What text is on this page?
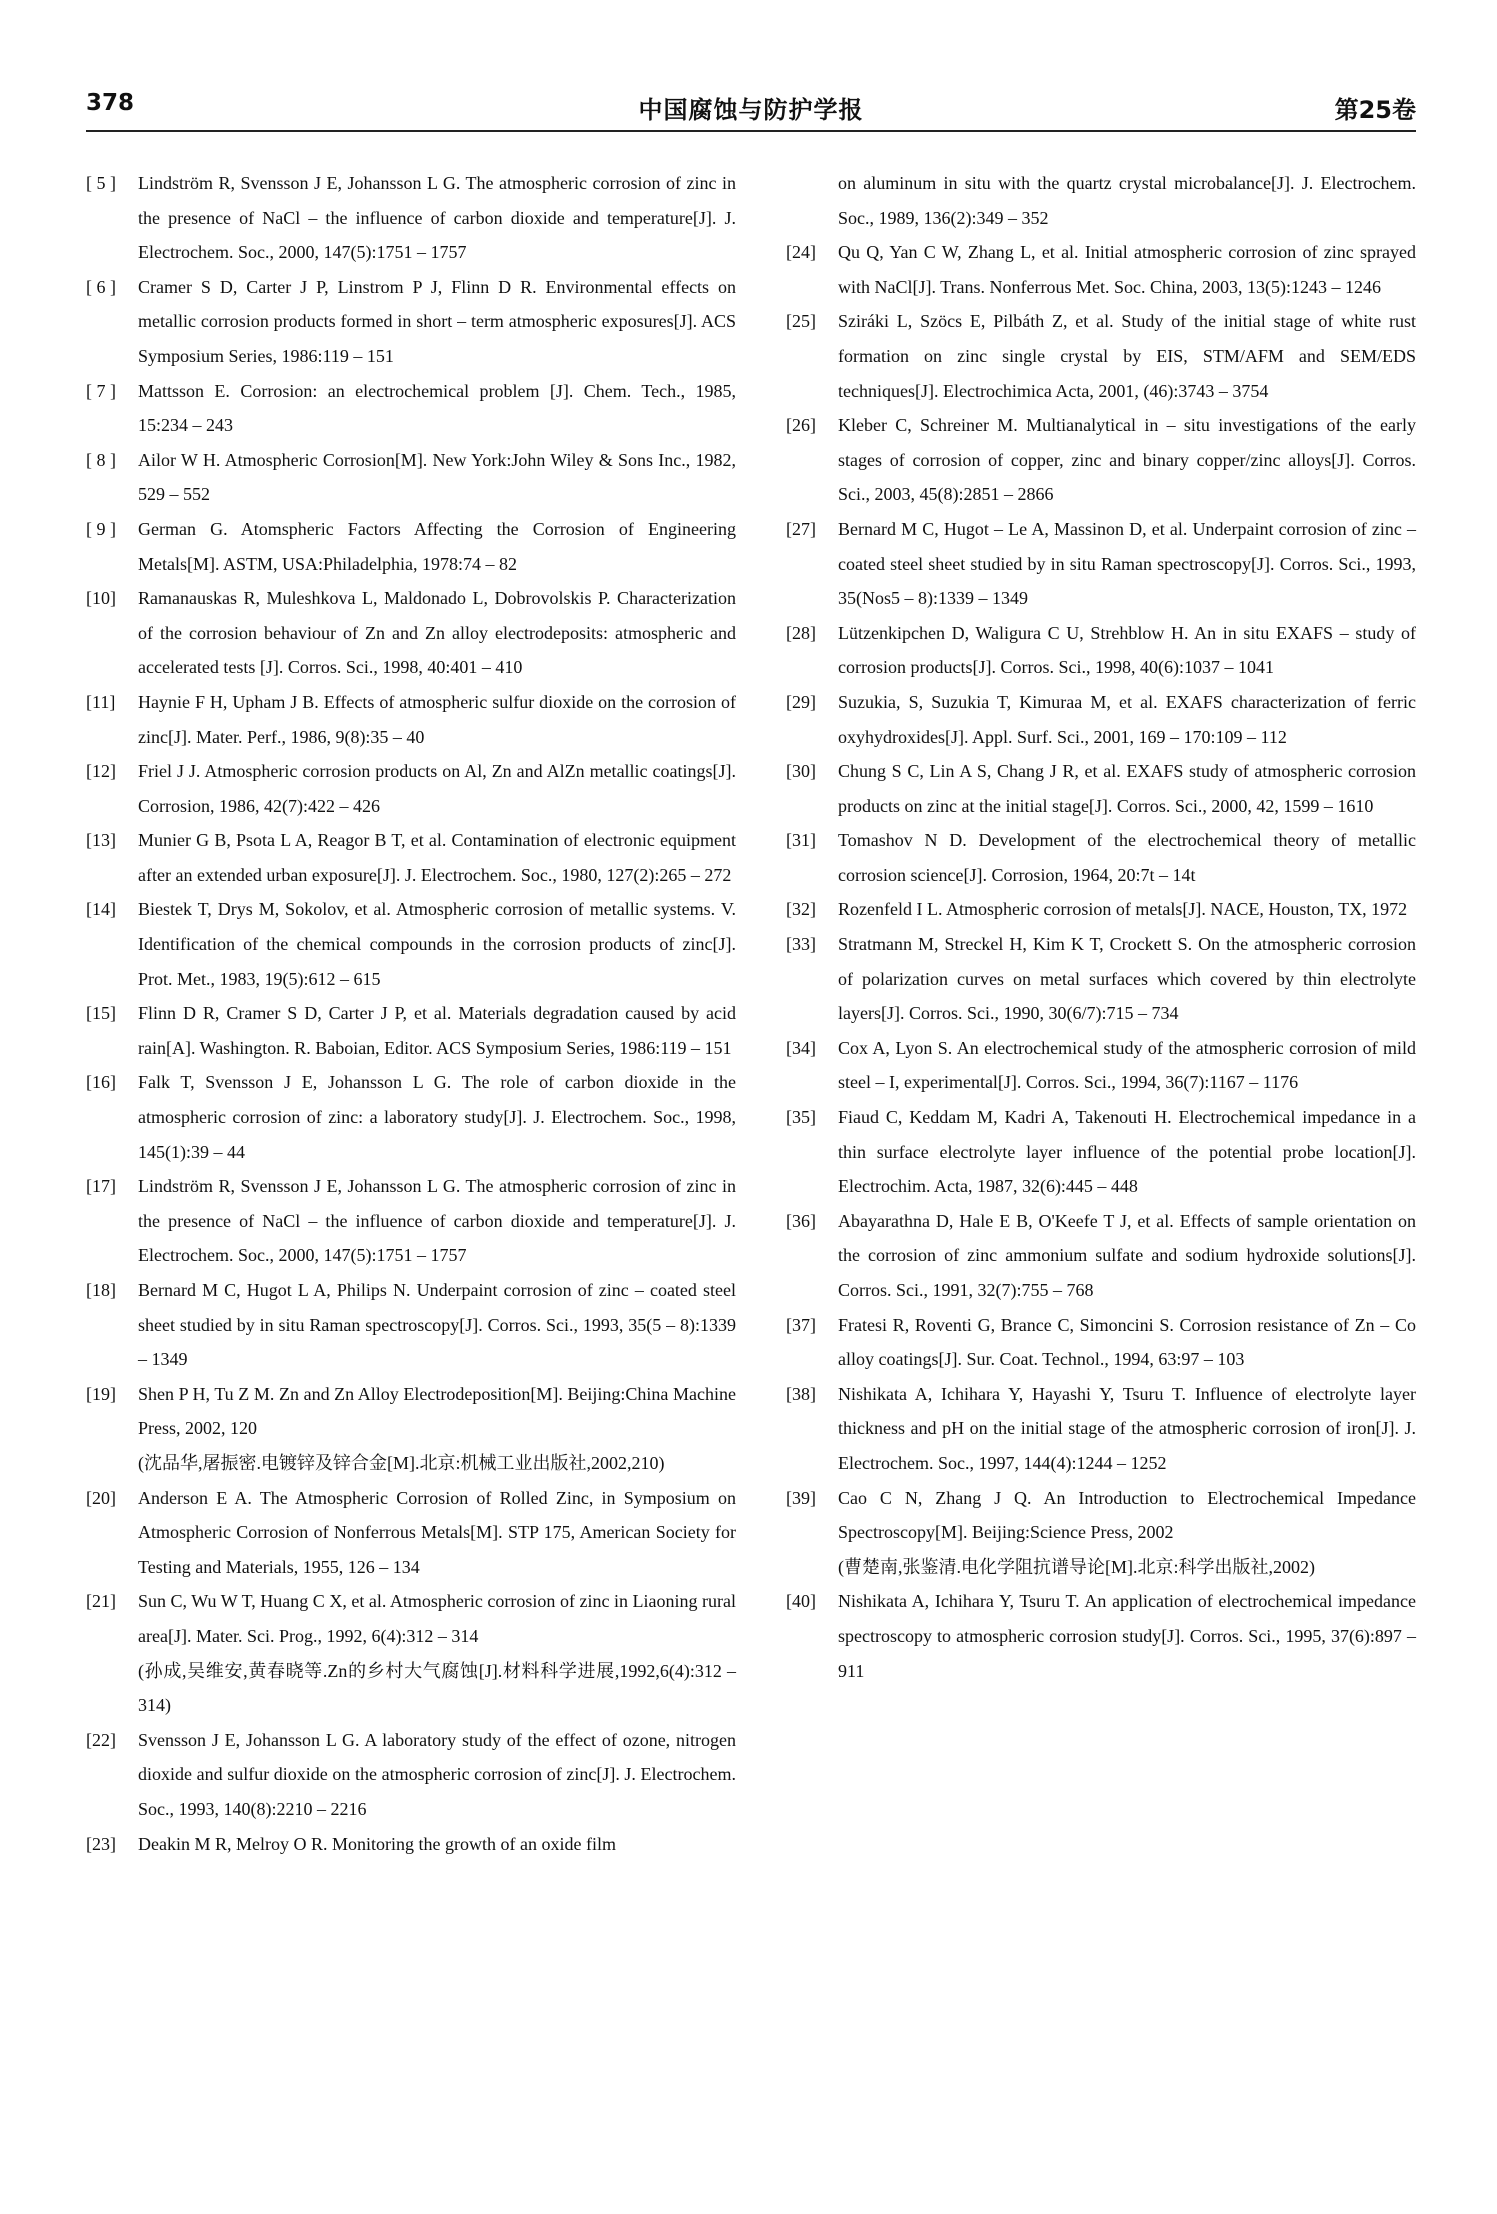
378	中国腐蚀与防护学报	第25卷
[ 5 ] Lindström R, Svensson J E, Johansson L G. The atmospheric corrosion of zinc in the presence of NaCl – the influence of carbon dioxide and temperature[J]. J. Electrochem. Soc., 2000, 147(5):1751 – 1757
[ 6 ] Cramer S D, Carter J P, Linstrom P J, Flinn D R. Environmental effects on metallic corrosion products formed in short – term atmospheric exposures[J]. ACS Symposium Series, 1986:119 – 151
[ 7 ] Mattsson E. Corrosion: an electrochemical problem [J]. Chem. Tech., 1985, 15:234 – 243
[ 8 ] Ailor W H. Atmospheric Corrosion[M]. New York:John Wiley & Sons Inc., 1982, 529 – 552
[ 9 ] German G. Atomspheric Factors Affecting the Corrosion of Engineering Metals[M]. ASTM, USA:Philadelphia, 1978:74 – 82
[10] Ramanauskas R, Muleshkova L, Maldonado L, Dobrovolskis P. Characterization of the corrosion behaviour of Zn and Zn alloy electrodeposits: atmospheric and accelerated tests [J]. Corros. Sci., 1998, 40:401 – 410
[11] Haynie F H, Upham J B. Effects of atmospheric sulfur dioxide on the corrosion of zinc[J]. Mater. Perf., 1986, 9(8):35 – 40
[12] Friel J J. Atmospheric corrosion products on Al, Zn and AlZn metallic coatings[J]. Corrosion, 1986, 42(7):422 – 426
[13] Munier G B, Psota L A, Reagor B T, et al. Contamination of electronic equipment after an extended urban exposure[J]. J. Electrochem. Soc., 1980, 127(2):265 – 272
[14] Biestek T, Drys M, Sokolov, et al. Atmospheric corrosion of metallic systems. V. Identification of the chemical compounds in the corrosion products of zinc[J]. Prot. Met., 1983, 19(5):612 – 615
[15] Flinn D R, Cramer S D, Carter J P, et al. Materials degradation caused by acid rain[A]. Washington. R. Baboian, Editor. ACS Symposium Series, 1986:119 – 151
[16] Falk T, Svensson J E, Johansson L G. The role of carbon dioxide in the atmospheric corrosion of zinc: a laboratory study[J]. J. Electrochem. Soc., 1998, 145(1):39 – 44
[17] Lindström R, Svensson J E, Johansson L G. The atmospheric corrosion of zinc in the presence of NaCl – the influence of carbon dioxide and temperature[J]. J. Electrochem. Soc., 2000, 147(5):1751 – 1757
[18] Bernard M C, Hugot L A, Philips N. Underpaint corrosion of zinc – coated steel sheet studied by in situ Raman spectroscopy[J]. Corros. Sci., 1993, 35(5 – 8):1339 – 1349
[19] Shen P H, Tu Z M. Zn and Zn Alloy Electrodeposition[M]. Beijing:China Machine Press, 2002, 120
(沈品华,屠振密.电镀锌及锌合金[M].北京:机械工业出版社,2002,210)
[20] Anderson E A. The Atmospheric Corrosion of Rolled Zinc, in Symposium on Atmospheric Corrosion of Nonferrous Metals[M]. STP 175, American Society for Testing and Materials, 1955, 126 – 134
[21] Sun C, Wu W T, Huang C X, et al. Atmospheric corrosion of zinc in Liaoning rural area[J]. Mater. Sci. Prog., 1992, 6(4):312 – 314
(孙成,吴维安,黄春晓等.Zn的乡村大气腐蚀[J].材料科学进展,1992,6(4):312 – 314)
[22] Svensson J E, Johansson L G. A laboratory study of the effect of ozone, nitrogen dioxide and sulfur dioxide on the atmospheric corrosion of zinc[J]. J. Electrochem. Soc., 1993, 140(8):2210 – 2216
[23] Deakin M R, Melroy O R. Monitoring the growth of an oxide film
on aluminum in situ with the quartz crystal microbalance[J]. J. Electrochem. Soc., 1989, 136(2):349 – 352
[24] Qu Q, Yan C W, Zhang L, et al. Initial atmospheric corrosion of zinc sprayed with NaCl[J]. Trans. Nonferrous Met. Soc. China, 2003, 13(5):1243 – 1246
[25] Sziráki L, Szöcs E, Pilbáth Z, et al. Study of the initial stage of white rust formation on zinc single crystal by EIS, STM/AFM and SEM/EDS techniques[J]. Electrochimica Acta, 2001, (46):3743 – 3754
[26] Kleber C, Schreiner M. Multianalytical in – situ investigations of the early stages of corrosion of copper, zinc and binary copper/zinc alloys[J]. Corros. Sci., 2003, 45(8):2851 – 2866
[27] Bernard M C, Hugot – Le A, Massinon D, et al. Underpaint corrosion of zinc – coated steel sheet studied by in situ Raman spectroscopy[J]. Corros. Sci., 1993, 35(Nos5 – 8):1339 – 1349
[28] Lützenkipchen D, Waligura C U, Strehblow H. An in situ EXAFS – study of corrosion products[J]. Corros. Sci., 1998, 40(6):1037 – 1041
[29] Suzukia, S, Suzukia T, Kimuraa M, et al. EXAFS characterization of ferric oxyhydroxides[J]. Appl. Surf. Sci., 2001, 169 – 170:109 – 112
[30] Chung S C, Lin A S, Chang J R, et al. EXAFS study of atmospheric corrosion products on zinc at the initial stage[J]. Corros. Sci., 2000, 42, 1599 – 1610
[31] Tomashov N D. Development of the electrochemical theory of metallic corrosion science[J]. Corrosion, 1964, 20:7t – 14t
[32] Rozenfeld I L. Atmospheric corrosion of metals[J]. NACE, Houston, TX, 1972
[33] Stratmann M, Streckel H, Kim K T, Crockett S. On the atmospheric corrosion of polarization curves on metal surfaces which covered by thin electrolyte layers[J]. Corros. Sci., 1990, 30(6/7):715 – 734
[34] Cox A, Lyon S. An electrochemical study of the atmospheric corrosion of mild steel – I, experimental[J]. Corros. Sci., 1994, 36(7):1167 – 1176
[35] Fiaud C, Keddam M, Kadri A, Takenouti H. Electrochemical impedance in a thin surface electrolyte layer influence of the potential probe location[J]. Electrochim. Acta, 1987, 32(6):445 – 448
[36] Abayarathna D, Hale E B, O'Keefe T J, et al. Effects of sample orientation on the corrosion of zinc ammonium sulfate and sodium hydroxide solutions[J]. Corros. Sci., 1991, 32(7):755 – 768
[37] Fratesi R, Roventi G, Brance C, Simoncini S. Corrosion resistance of Zn – Co alloy coatings[J]. Sur. Coat. Technol., 1994, 63:97 – 103
[38] Nishikata A, Ichihara Y, Hayashi Y, Tsuru T. Influence of electrolyte layer thickness and pH on the initial stage of the atmospheric corrosion of iron[J]. J. Electrochem. Soc., 1997, 144(4):1244 – 1252
[39] Cao C N, Zhang J Q. An Introduction to Electrochemical Impedance Spectroscopy[M]. Beijing:Science Press, 2002
(曹楚南,张鉴清.电化学阻抗谱导论[M].北京:科学出版社,2002)
[40] Nishikata A, Ichihara Y, Tsuru T. An application of electrochemical impedance spectroscopy to atmospheric corrosion study[J]. Corros. Sci., 1995, 37(6):897 – 911
